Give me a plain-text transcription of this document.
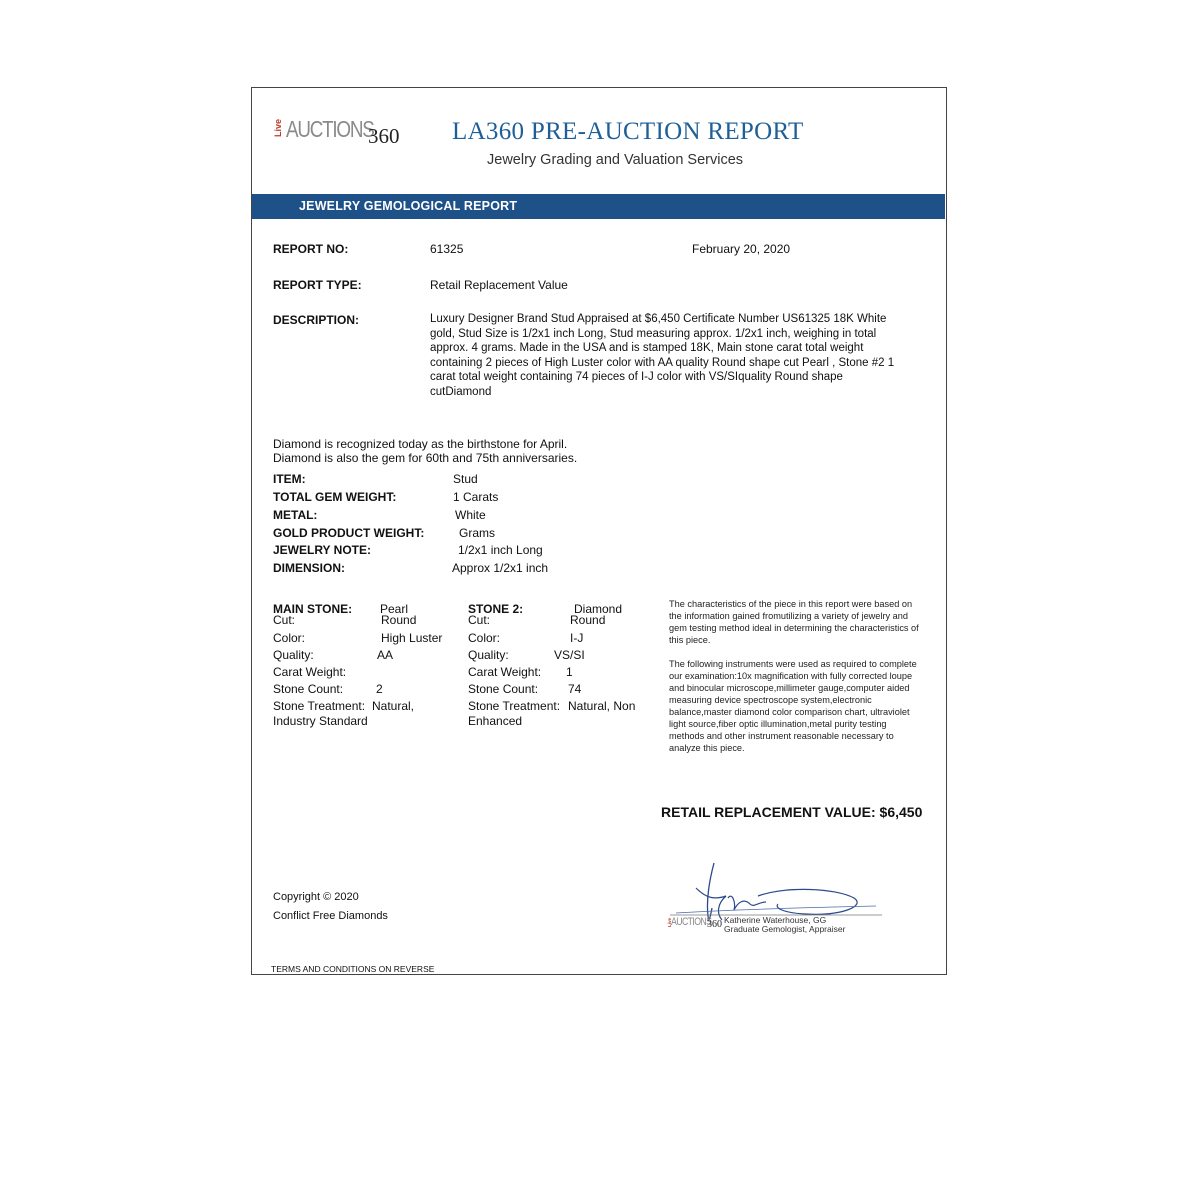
Live AUCTIONS
360 LA360 PRE-AUCTION REPORT
Jewelry Grading and Valuation Services
JEWELRY GEMOLOGICAL REPORT
REPORT NO:	61325	February 20, 2020
REPORT TYPE:	Retail Replacement Value
DESCRIPTION:	Luxury Designer Brand Stud Appraised at $6,450 Certificate Number US61325 18K White gold, Stud Size is 1/2x1 inch Long, Stud measuring approx. 1/2x1 inch, weighing in total approx. 4 grams. Made in the USA and is stamped 18K, Main stone carat total weight containing 2 pieces of High Luster color with AA quality Round shape cut Pearl , Stone #2 1 carat total weight containing 74 pieces of I-J color with VS/SIquality Round shape cutDiamond
Diamond is recognized today as the birthstone for April.
Diamond is also the gem for 60th and 75th anniversaries.
ITEM:	Stud
TOTAL GEM WEIGHT:	1 Carats
METAL:	White
GOLD PRODUCT WEIGHT:	Grams
JEWELRY NOTE:	1/2x1 inch Long
DIMENSION:	Approx 1/2x1 inch
MAIN STONE: Pearl
Cut:	Round
Color:	High Luster
Quality:	AA
Carat Weight:
Stone Count:	2
Stone Treatment: Natural,
Industry Standard
STONE 2:	Diamond
Cut:	Round
Color:	I-J
Quality:	VS/SI
Carat Weight: 1
Stone Count: 74
Stone Treatment: Natural, Non
Enhanced

The characteristics of the piece in this report were based on the information gained fromutilizing a variety of jewelry and gem testing method ideal in determining the characteristics of this piece.

The following instruments were used as required to complete our examination:10x magnification with fully corrected loupe and binocular microscope,millimeter gauge,computer aided measuring device spectroscope system,electronic balance,master diamond color comparison chart, ultraviolet light source,fiber optic illumination,metal purity testing methods and other instrument reasonable necessary to analyze this piece.

RETAIL REPLACEMENT VALUE: $6,450
Copyright © 2020
Conflict Free Diamonds
TERMS AND CONDITIONS ON REVERSE
Live AUCTIONS
360 Katherine Waterhouse, GG
Graduate Gemologist, Appraiser
